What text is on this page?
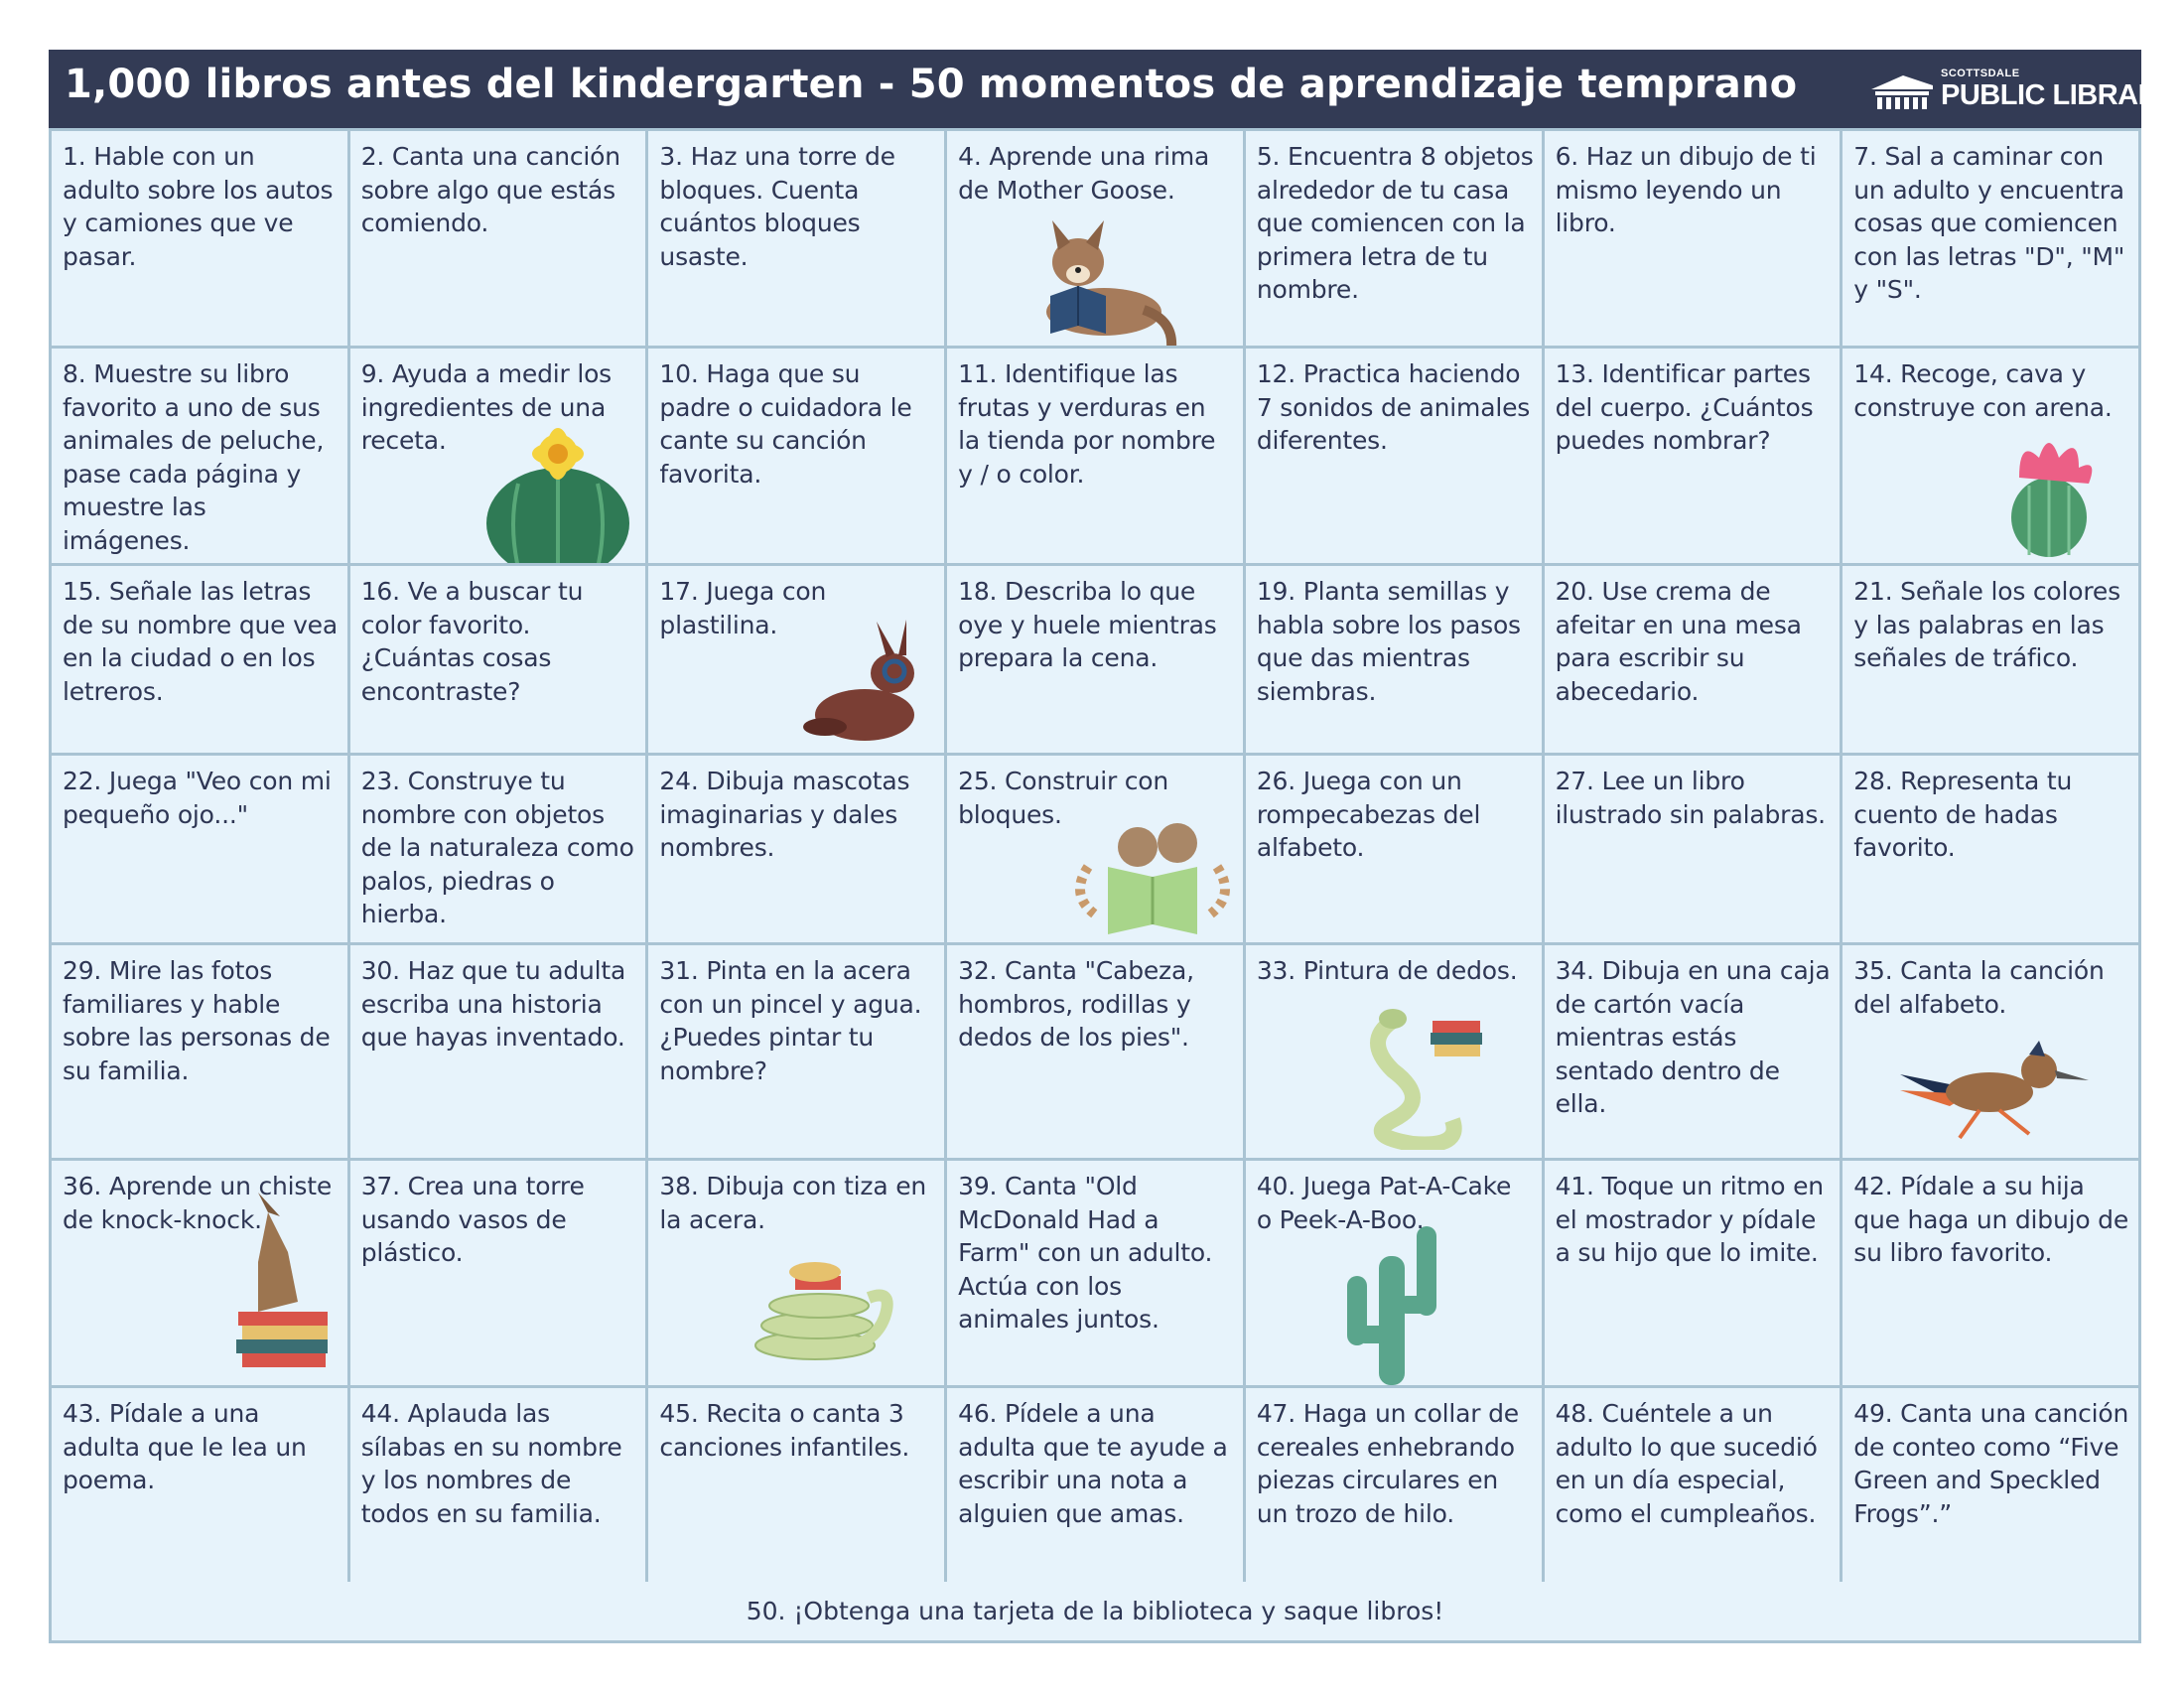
1,000 libros antes del kindergarten - 50 momentos de aprendizaje temprano	SCOTTSDALE
PUBLIC LIBRARY
1. Hable con un adulto sobre los autos y camiones que ve pasar.
2. Canta una canción sobre algo que estás comiendo.
3. Haz una torre de bloques. Cuenta cuántos bloques usaste.
4. Aprende una rima de Mother Goose.
5. Encuentra 8 objetos alrededor de tu casa que comiencen con la primera letra de tu nombre.
6. Haz un dibujo de ti mismo leyendo un libro.
7. Sal a caminar con un adulto y encuentra cosas que comiencen con las letras "D", "M" y "S".
8. Muestre su libro favorito a uno de sus animales de peluche, pase cada página y muestre las imágenes.
9. Ayuda a medir los ingredientes de una receta.
10. Haga que su padre o cuidadora le cante su canción favorita.
11. Identifique las frutas y verduras en la tienda por nombre y / o color.
12. Practica haciendo 7 sonidos de animales diferentes.
13. Identificar partes del cuerpo. ¿Cuántos puedes nombrar?
14. Recoge, cava y construye con arena.
15. Señale las letras de su nombre que vea en la ciudad o en los letreros.
16. Ve a buscar tu color favorito. ¿Cuántas cosas encontraste?
17. Juega con plastilina.
18. Describa lo que oye y huele mientras prepara la cena.
19. Planta semillas y habla sobre los pasos que das mientras siembras.
20. Use crema de afeitar en una mesa para escribir su abecedario.
21. Señale los colores y las palabras en las señales de tráfico.
22. Juega "Veo con mi pequeño ojo..."
23. Construye tu nombre con objetos de la naturaleza como palos, piedras o hierba.
24. Dibuja mascotas imaginarias y dales nombres.
25. Construir con bloques.
26. Juega con un rompecabezas del alfabeto.
27. Lee un libro ilustrado sin palabras.
28. Representa tu cuento de hadas favorito.
29. Mire las fotos familiares y hable sobre las personas de su familia.
30. Haz que tu adulta escriba una historia que hayas inventado.
31. Pinta en la acera con un pincel y agua. ¿Puedes pintar tu nombre?
32. Canta "Cabeza, hombros, rodillas y dedos de los pies".
33. Pintura de dedos.	34. Dibuja en una caja de cartón vacía mientras estás sentado dentro de ella.
35. Canta la canción del alfabeto.
36. Aprende un chiste de knock-knock.
37. Crea una torre usando vasos de plástico.
38. Dibuja con tiza en la acera.
39. Canta "Old McDonald Had a Farm" con un adulto. Actúa con los animales juntos.
40. Juega Pat-A-Cake o Peek-A-Boo.
41. Toque un ritmo en el mostrador y pídale a su hijo que lo imite.
42. Pídale a su hija que haga un dibujo de su libro favorito.
43. Pídale a una adulta que le lea un poema.
44. Aplauda las sílabas en su nombre y los nombres de todos en su familia.
45. Recita o canta 3 canciones infantiles.
46. Pídele a una adulta que te ayude a escribir una nota a alguien que amas.
47. Haga un collar de cereales enhebrando piezas circulares en un trozo de hilo.
48. Cuéntele a un adulto lo que sucedió en un día especial, como el cumpleaños.
49. Canta una canción de conteo como “Five Green and Speckled Frogs”.”
50. ¡Obtenga una tarjeta de la biblioteca y saque libros!
